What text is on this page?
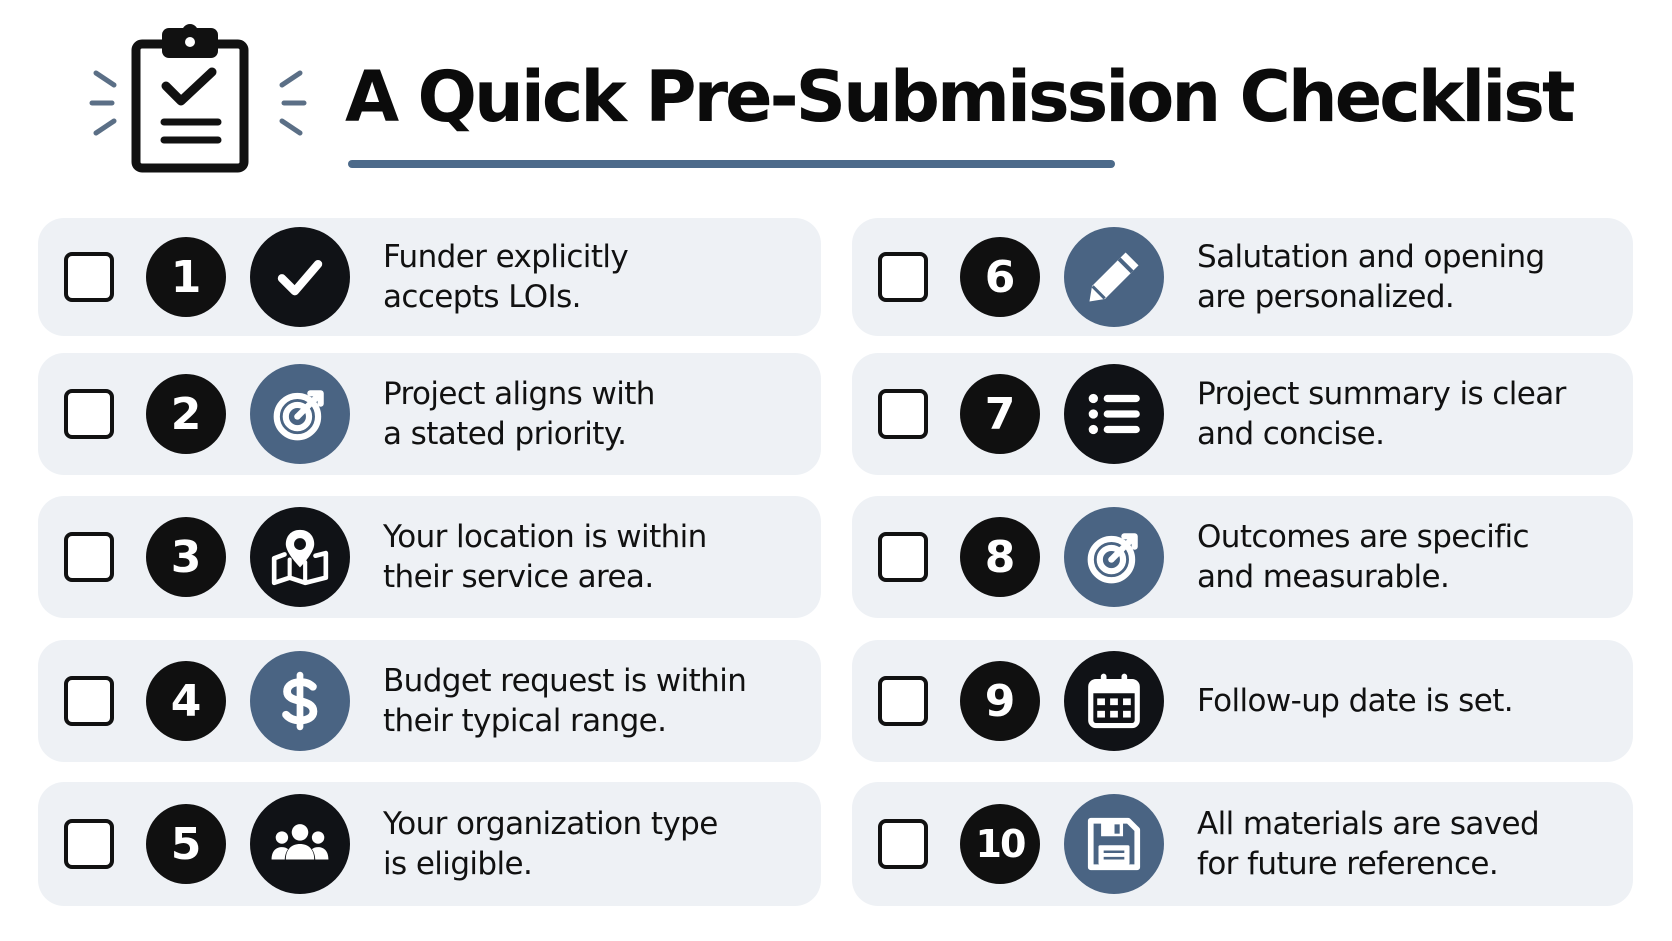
A Quick Pre-Submission Checklist
1	Funder explicitly
accepts LOIs.
2	Project aligns with
a stated priority.
3	Your location is within
their service area.
4	Budget request is within
their typical range.
5	Your organization type
is eligible.
6	Salutation and opening
are personalized.
7	Project summary is clear
and concise.
8	Outcomes are specific
and measurable.
9	Follow-up date is set.
10	All materials are saved
for future reference.
